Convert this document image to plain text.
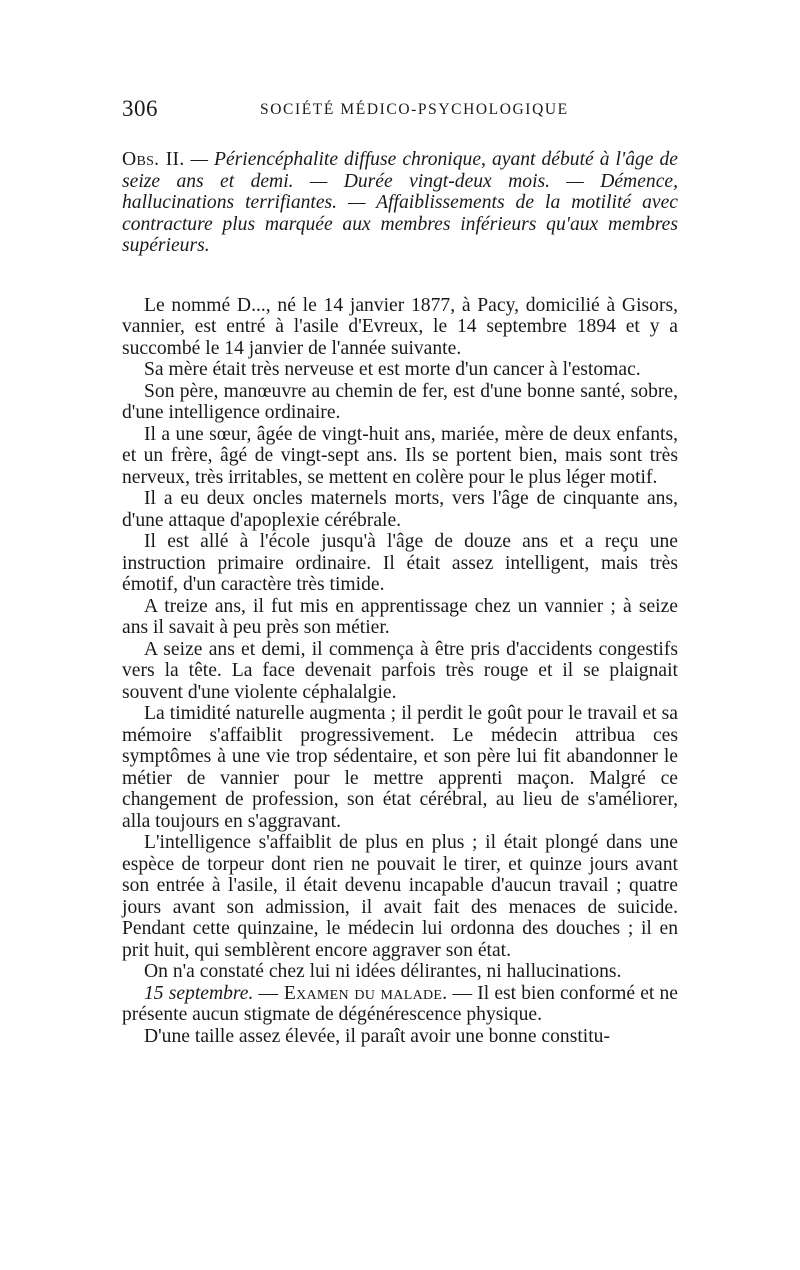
306	SOCIÉTÉ MÉDICO-PSYCHOLOGIQUE

Obs. II. — Périencéphalite diffuse chronique, ayant débuté à l'âge de seize ans et demi. — Durée vingt-deux mois. — Démence, hallucinations terrifiantes. — Affaiblissements de la motilité avec contracture plus marquée aux membres inférieurs qu'aux membres supérieurs.

Le nommé D..., né le 14 janvier 1877, à Pacy, domicilié à Gisors, vannier, est entré à l'asile d'Evreux, le 14 septembre 1894 et y a succombé le 14 janvier de l'année suivante.

Sa mère était très nerveuse et est morte d'un cancer à l'estomac.

Son père, manœuvre au chemin de fer, est d'une bonne santé, sobre, d'une intelligence ordinaire.

Il a une sœur, âgée de vingt-huit ans, mariée, mère de deux enfants, et un frère, âgé de vingt-sept ans. Ils se portent bien, mais sont très nerveux, très irritables, se mettent en colère pour le plus léger motif.

Il a eu deux oncles maternels morts, vers l'âge de cinquante ans, d'une attaque d'apoplexie cérébrale.

Il est allé à l'école jusqu'à l'âge de douze ans et a reçu une instruction primaire ordinaire. Il était assez intelligent, mais très émotif, d'un caractère très timide.

A treize ans, il fut mis en apprentissage chez un vannier ; à seize ans il savait à peu près son métier.

A seize ans et demi, il commença à être pris d'accidents congestifs vers la tête. La face devenait parfois très rouge et il se plaignait souvent d'une violente céphalalgie.

La timidité naturelle augmenta ; il perdit le goût pour le travail et sa mémoire s'affaiblit progressivement. Le médecin attribua ces symptômes à une vie trop sédentaire, et son père lui fit abandonner le métier de vannier pour le mettre apprenti maçon. Malgré ce changement de profession, son état cérébral, au lieu de s'améliorer, alla toujours en s'aggravant.

L'intelligence s'affaiblit de plus en plus ; il était plongé dans une espèce de torpeur dont rien ne pouvait le tirer, et quinze jours avant son entrée à l'asile, il était devenu incapable d'aucun travail ; quatre jours avant son admission, il avait fait des menaces de suicide. Pendant cette quinzaine, le médecin lui ordonna des douches ; il en prit huit, qui semblèrent encore aggraver son état.

On n'a constaté chez lui ni idées délirantes, ni hallucinations.

15 septembre. — Examen du malade. — Il est bien conformé et ne présente aucun stigmate de dégénérescence physique.

D'une taille assez élevée, il paraît avoir une bonne constitu-
